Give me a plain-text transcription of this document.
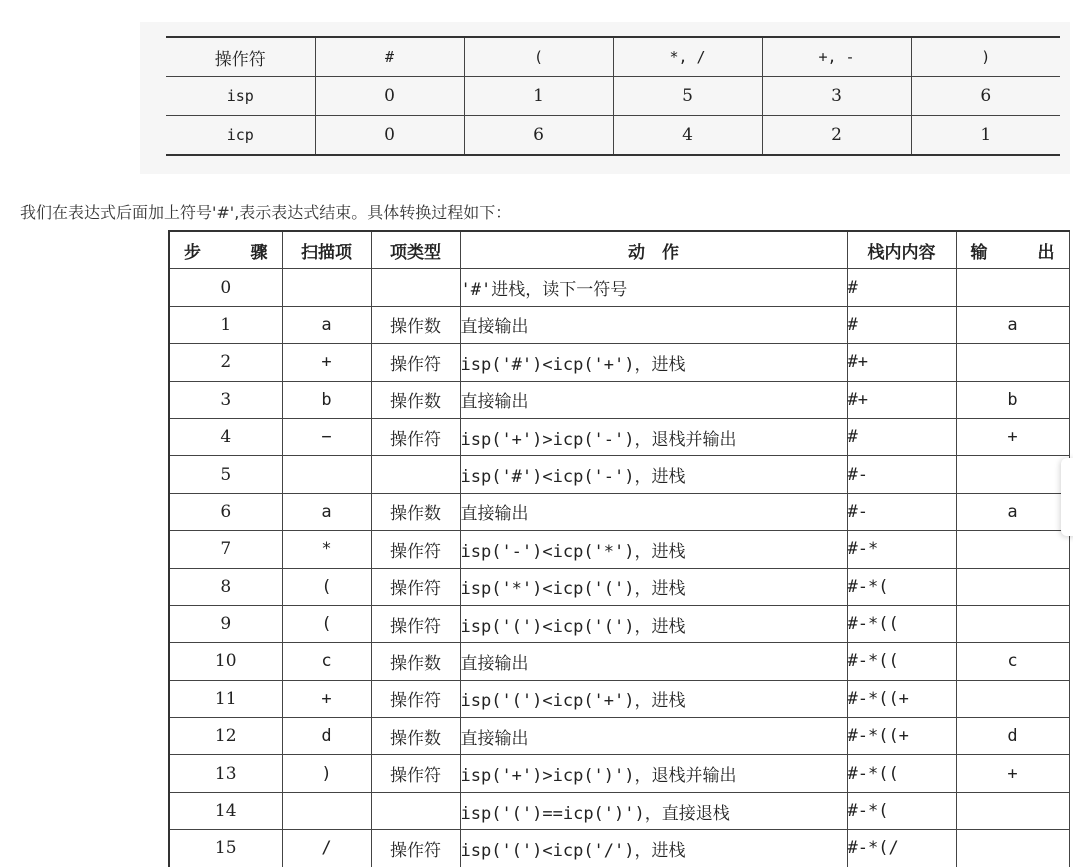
操作符	#	(	*, /	+, -	)
isp	0	1	5	3	6
icp	0	6	4	2	1
我们在表达式后面加上符号'#',表示表达式结束。具体转换过程如下：
步　骤	扫描项	项类型	动　作	栈内内容	输　出
0			'#'进栈，读下一符号	#	
1	a	操作数	直接输出	#	a
2	+	操作符	isp('#')<icp('+')，进栈	#+	
3	b	操作数	直接输出	#+	b
4	−	操作符	isp('+')>icp('-')，退栈并输出	#	+
5			isp('#')<icp('-')，进栈	#-	
6	a	操作数	直接输出	#-	a
7	*	操作符	isp('-')<icp('*')，进栈	#-*	
8	(	操作符	isp('*')<icp('(')，进栈	#-*(	
9	(	操作符	isp('(')<icp('(')，进栈	#-*((	
10	c	操作数	直接输出	#-*((	c
11	+	操作符	isp('(')<icp('+')，进栈	#-*((+	
12	d	操作数	直接输出	#-*((+	d
13	)	操作符	isp('+')>icp(')')，退栈并输出	#-*((	+
14			isp('(')==icp(')')，直接退栈	#-*(	
15	/	操作符	isp('(')<icp('/')，进栈	#-*(/	
